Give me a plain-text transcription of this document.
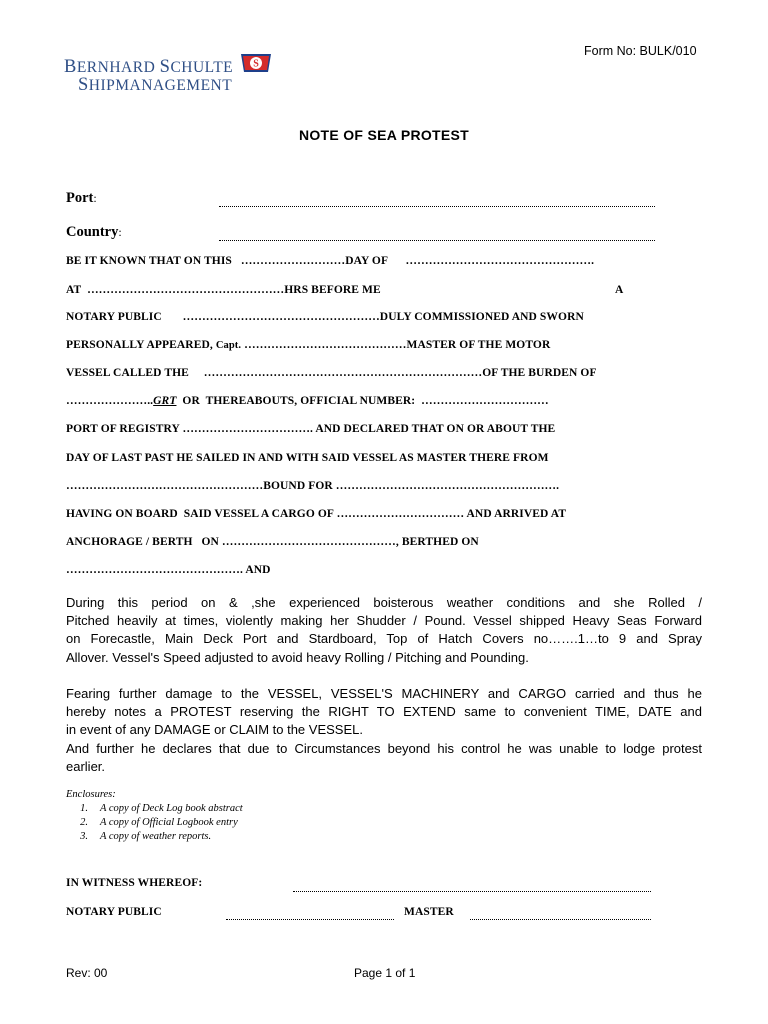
BERNHARD SCHULTE
SHIPMANAGEMENT
S
Form No: BULK/010
NOTE OF SEA PROTEST
Port:
Country:
BE IT KNOWN THAT ON THIS   ………………………DAY OF      ………………………………………….
AT  ……………………………………………HRS BEFORE ME	A
NOTARY PUBLIC       ……………………………………………DULY COMMISSIONED AND SWORN
PERSONALLY APPEARED, Capt. ……………………………………MASTER OF THE MOTOR
VESSEL CALLED THE     ………………………………………………………………OF THE BURDEN OF
…………………..GRT  OR  THEREABOUTS, OFFICIAL NUMBER:  ……………………………
PORT OF REGISTRY ……………………………. AND DECLARED THAT ON OR ABOUT THE
DAY OF LAST PAST HE SAILED IN AND WITH SAID VESSEL AS MASTER THERE FROM
……………………………………………BOUND FOR ………………………………………………….
HAVING ON BOARD  SAID VESSEL A CARGO OF …………………………… AND ARRIVED AT
ANCHORAGE / BERTH   ON ………………………………………, BERTHED ON
………………………………………. AND
During this period on & ,she experienced boisterous weather conditions and she Rolled /
Pitched heavily at times, violently making her Shudder / Pound. Vessel shipped Heavy Seas Forward
on Forecastle, Main Deck Port and Stardboard, Top of Hatch Covers no…….1…to 9 and Spray
Allover. Vessel's Speed adjusted to avoid heavy Rolling / Pitching and Pounding.
Fearing further damage to the VESSEL, VESSEL'S MACHINERY and CARGO carried and thus he
hereby notes a PROTEST reserving the RIGHT TO EXTEND same to convenient TIME, DATE and
in event of any DAMAGE or CLAIM to the VESSEL.
And further he declares that due to Circumstances beyond his control he was unable to lodge protest
earlier.
Enclosures:
1. A copy of Deck Log book abstract
2. A copy of Official Logbook entry
3. A copy of weather reports.
IN WITNESS WHEREOF:
NOTARY PUBLIC	MASTER
Rev: 00	Page 1 of 1
